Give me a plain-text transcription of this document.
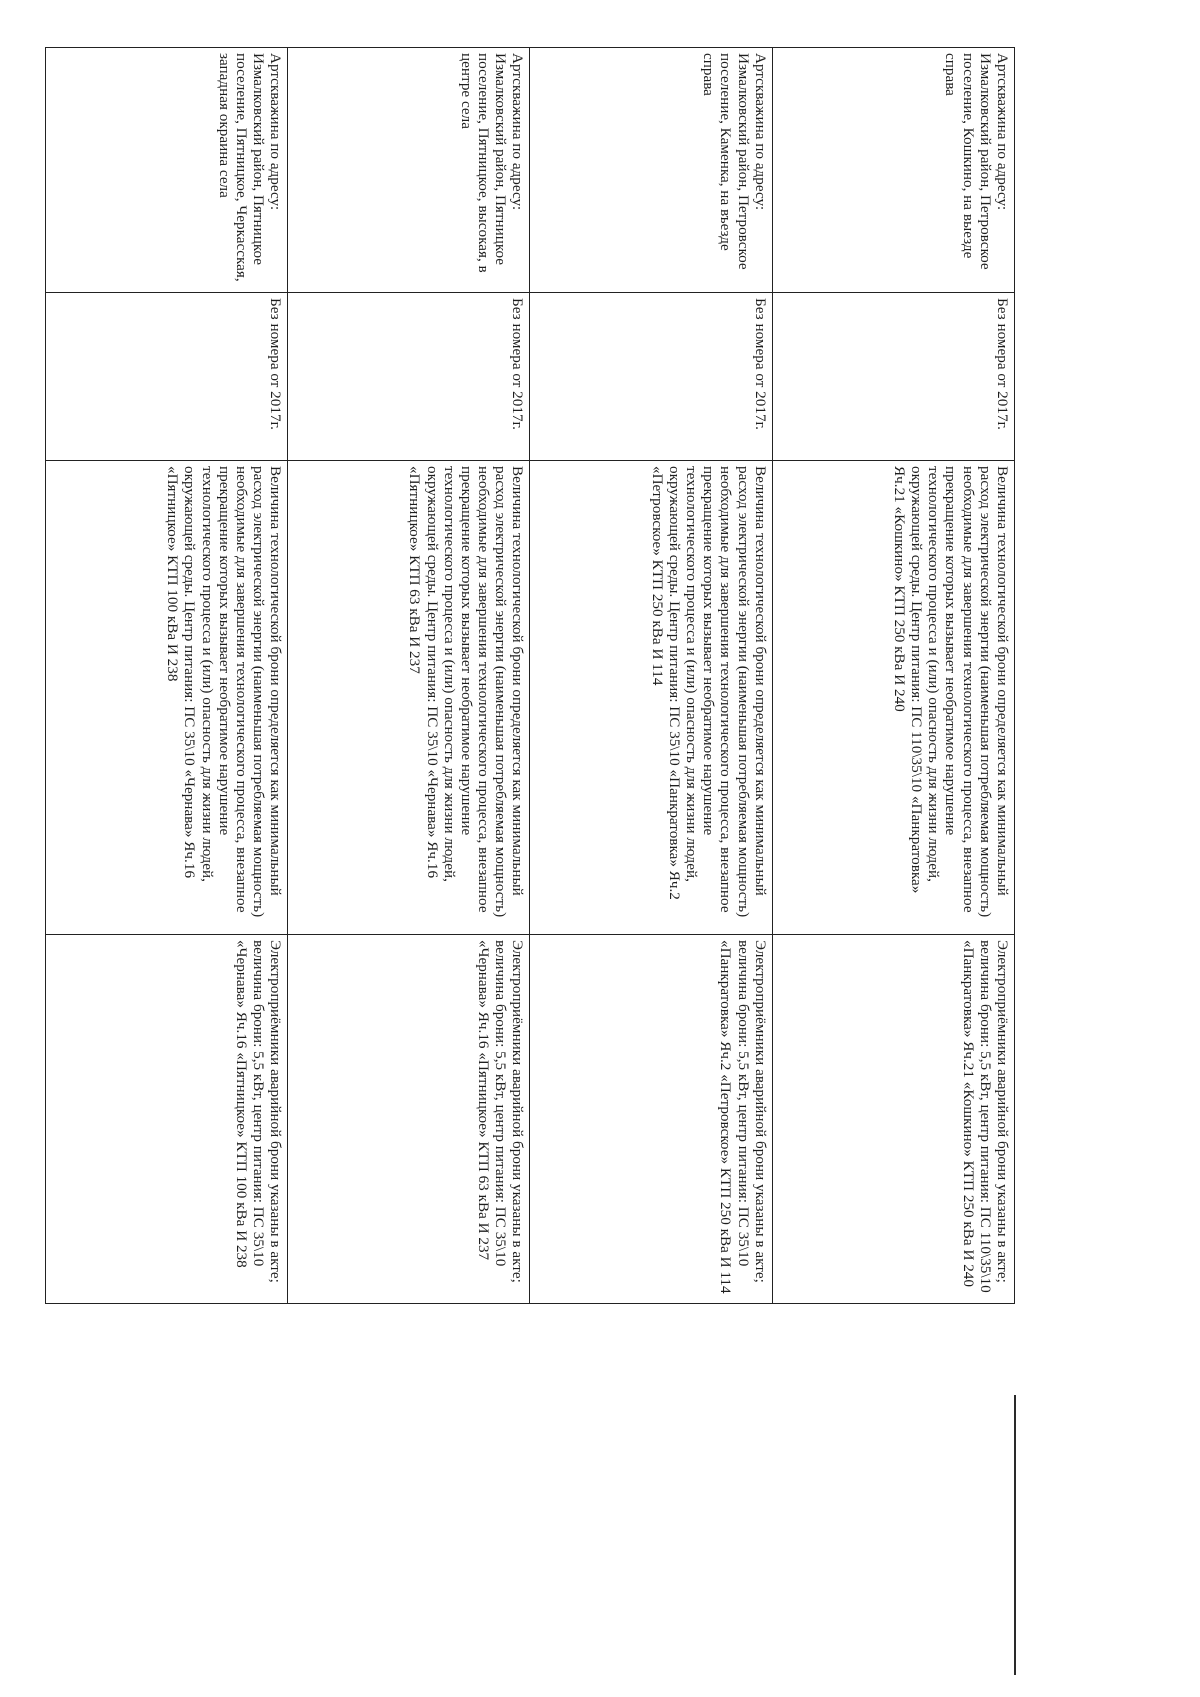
Артскважина по адресу: Измалковский район, Петровское поселение, Кошкино, на выезде справа	Без номера от 2017г.	Величина технологической брони определяется как минимальный расход электрической энергии (наименьшая потребляемая мощность) необходимые для завершения технологического процесса, внезапное прекращение которых вызывает необратимое нарушение технологического процесса и (или) опасность для жизни людей, окружающей среды. Центр питания: ПС 110\35\10 «Панкратовка» Яч.21 «Кошкино» КТП 250 кВа И 240	Электроприёмники аварийной брони указаны в акте; величина брони: 5,5 кВт, центр питания: ПС 110\35\10 «Панкратовка» Яч.21 «Кошкино» КТП 250 кВа И 240
Артскважина по адресу: Измалковский район, Петровское поселение, Каменка, на въезде справа	Без номера от 2017г.	Величина технологической брони определяется как минимальный расход электрической энергии (наименьшая потребляемая мощность) необходимые для завершения технологического процесса, внезапное прекращение которых вызывает необратимое нарушение технологического процесса и (или) опасность для жизни людей, окружающей среды. Центр питания: ПС 35\10 «Панкратовка» Яч.2 «Петровское» КТП 250 кВа И 114	Электроприёмники аварийной брони указаны в акте; величина брони: 5,5 кВт, центр питания: ПС 35\10 «Панкратовка» Яч.2 «Петровское» КТП 250 кВа И 114
Артскважина по адресу: Измалковский район, Пятницкое поселение, Пятницкое, высокая, в центре села	Без номера от 2017г.	Величина технологической брони определяется как минимальный расход электрической энергии (наименьшая потребляемая мощность) необходимые для завершения технологического процесса, внезапное прекращение которых вызывает необратимое нарушение технологического процесса и (или) опасность для жизни людей, окружающей среды. Центр питания: ПС 35\10 «Чернава» Яч.16 «Пятницкое» КТП 63 кВа И 237	Электроприёмники аварийной брони указаны в акте; величина брони: 5,5 кВт, центр питания: ПС 35\10 «Чернава» Яч.16 «Пятницкое» КТП 63 кВа И 237
Артскважина по адресу: Измалковский район, Пятницкое поселение, Пятницкое, Черкасская, западная окраина села	Без номера от 2017г.	Величина технологической брони определяется как минимальный расход электрической энергии (наименьшая потребляемая мощность) необходимые для завершения технологического процесса, внезапное прекращение которых вызывает необратимое нарушение технологического процесса и (или) опасность для жизни людей, окружающей среды. Центр питания: ПС 35\10 «Чернава» Яч.16 «Пятницкое» КТП 100 кВа И 238	Электроприёмники аварийной брони указаны в акте; величина брони: 5,5 кВт, центр питания: ПС 35\10 «Чернава» Яч.16 «Пятницкое» КТП 100 кВа И 238
